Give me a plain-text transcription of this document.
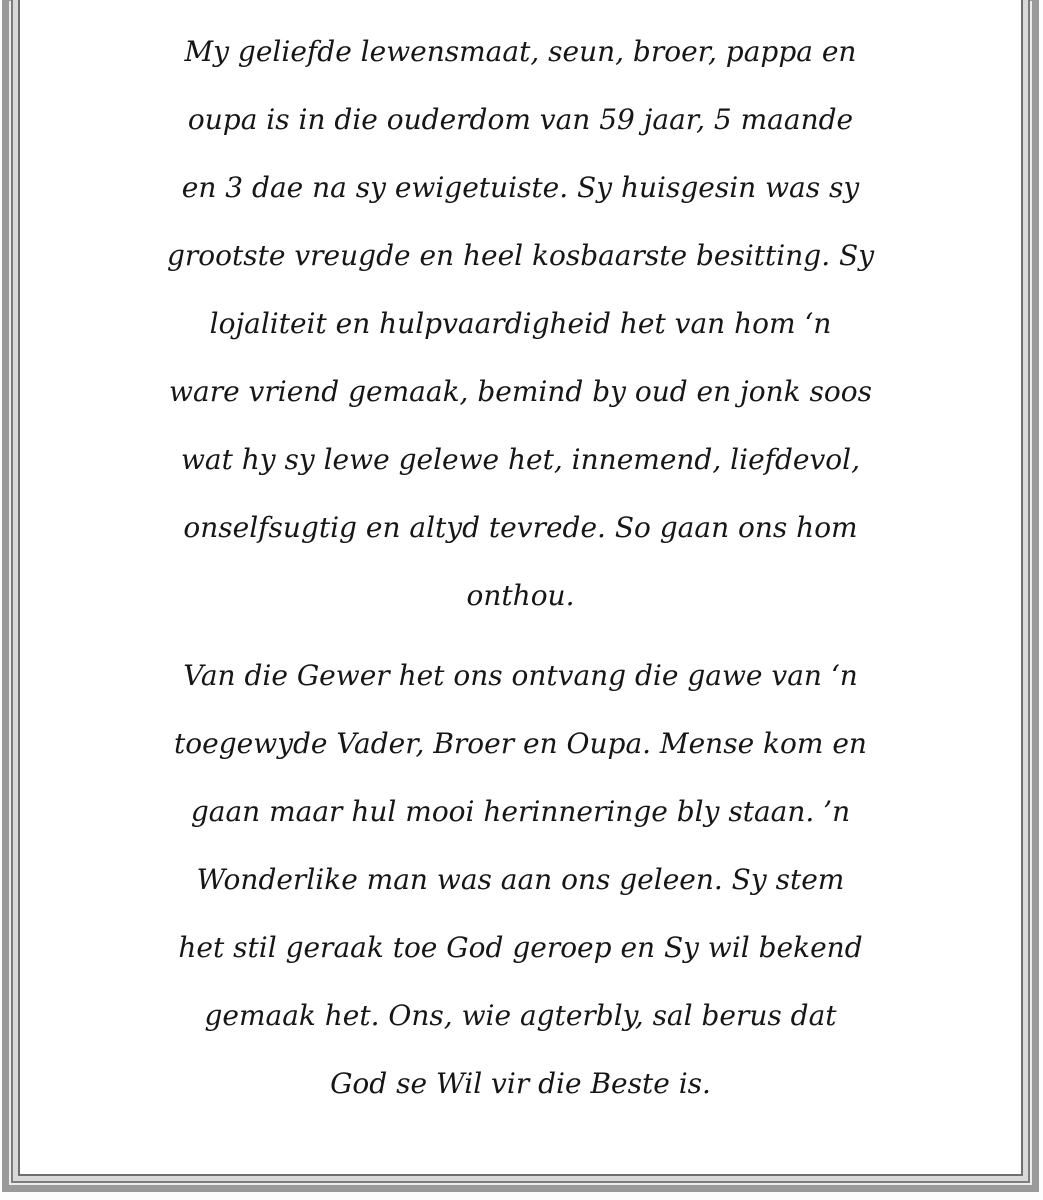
My geliefde lewensmaat, seun, broer, pappa en
oupa is in die ouderdom van 59 jaar, 5 maande
en 3 dae na sy ewigetuiste. Sy huisgesin was sy
grootste vreugde en heel kosbaarste besitting. Sy
lojaliteit en hulpvaardigheid het van hom ‘n
ware vriend gemaak, bemind by oud en jonk soos
wat hy sy lewe gelewe het, innemend, liefdevol,
onselfsugtig en altyd tevrede. So gaan ons hom
onthou.

Van die Gewer het ons ontvang die gawe van ‘n
toegewyde Vader, Broer en Oupa. Mense kom en
gaan maar hul mooi herinneringe bly staan. ’n
Wonderlike man was aan ons geleen. Sy stem
het stil geraak toe God geroep en Sy wil bekend
gemaak het. Ons, wie agterbly, sal berus dat
God se Wil vir die Beste is.
